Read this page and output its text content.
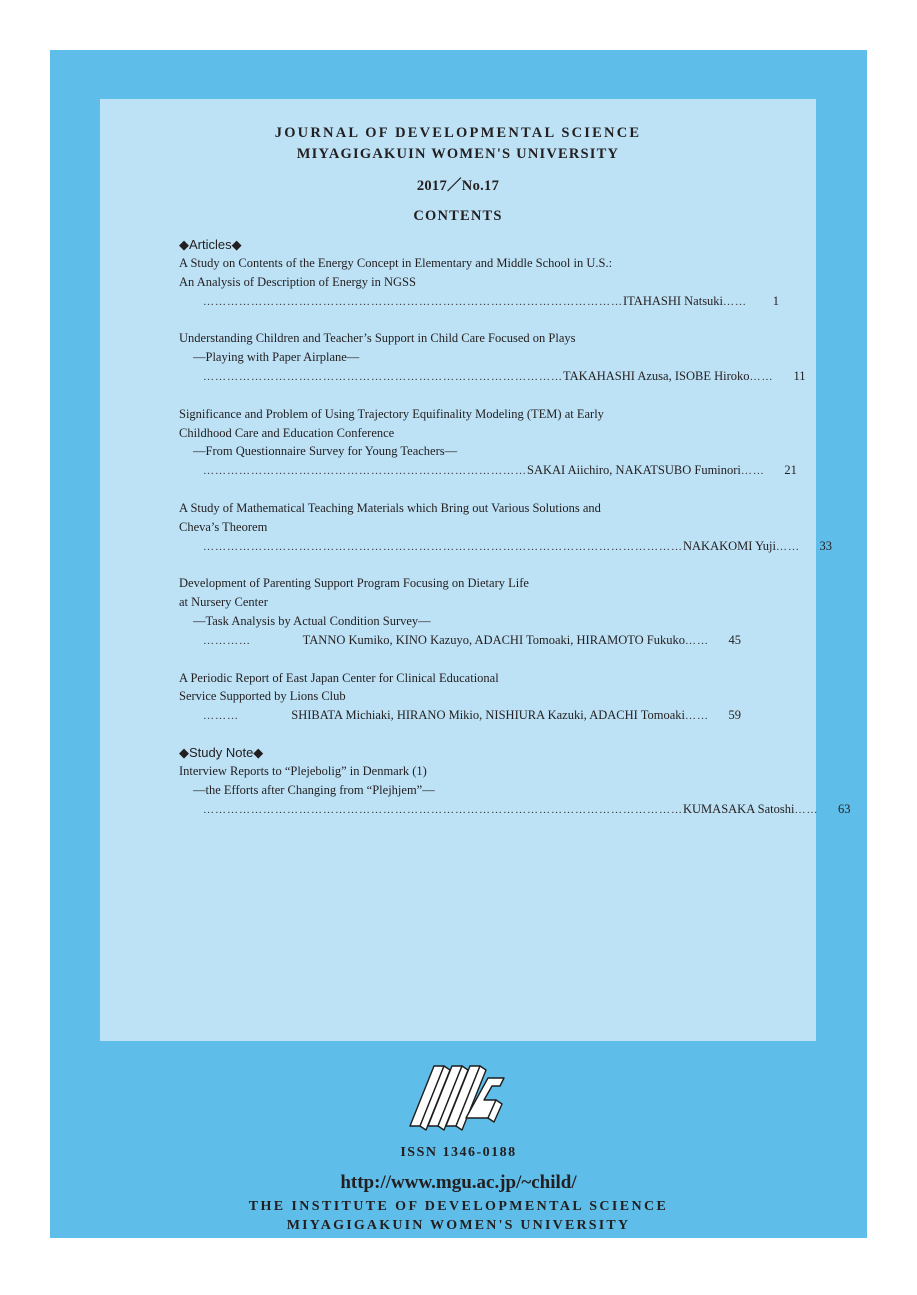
JOURNAL OF DEVELOPMENTAL SCIENCE

MIYAGIGAKUIN WOMEN'S UNIVERSITY

2017／No.17
CONTENTS
◆Articles◆
A Study on Contents of the Energy Concept in Elementary and Middle School in U.S.:
An Analysis of Description of Energy in NGSS
…………………………………………………………………………………………… ITAHASHI Natsuki ……	1
Understanding Children and Teacher’s Support in Child Care Focused on Plays
—Playing with Paper Airplane—
……………………………………………………………………………… TAKAHASHI Azusa, ISOBE Hiroko ……	11
Significance and Problem of Using Trajectory Equifinality Modeling (TEM) at Early
Childhood Care and Education Conference
—From Questionnaire Survey for Young Teachers—
……………………………………………………………………… SAKAI Aiichiro, NAKATSUBO Fuminori ……	21
A Study of Mathematical Teaching Materials which Bring out Various Solutions and
Cheva’s Theorem
………………………………………………………………………………………………………… NAKAKOMI Yuji ……	33
Development of Parenting Support Program Focusing on Dietary Life
at Nursery Center
—Task Analysis by Actual Condition Survey—
…………	TANNO Kumiko, KINO Kazuyo, ADACHI Tomoaki, HIRAMOTO Fukuko ……	45
A Periodic Report of East Japan Center for Clinical Educational
Service Supported by Lions Club
………	SHIBATA Michiaki, HIRANO Mikio, NISHIURA Kazuki, ADACHI Tomoaki ……	59
◆Study Note◆
Interview Reports to “Plejebolig” in Denmark (1)
—the Efforts after Changing from “Plejhjem”—
………………………………………………………………………………………………………… KUMASAKA Satoshi ……	63
ISSN 1346-0188
http://www.mgu.ac.jp/~child/
THE INSTITUTE OF DEVELOPMENTAL SCIENCE
MIYAGIGAKUIN WOMEN'S UNIVERSITY
